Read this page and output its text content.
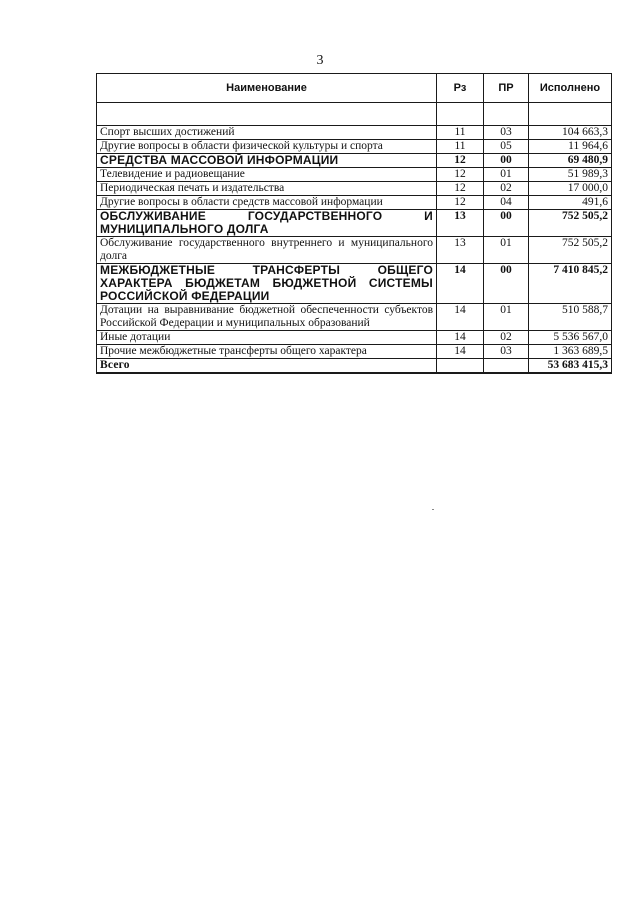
3
Наименование	Рз	ПР	Исполнено

Спорт высших достижений	11	03	104 663,3
Другие вопросы в области физической культуры и спорта	11	05	11 964,6
СРЕДСТВА МАССОВОЙ ИНФОРМАЦИИ	12	00	69 480,9
Телевидение и радиовещание	12	01	51 989,3
Периодическая печать и издательства	12	02	17 000,0
Другие вопросы в области средств массовой информации	12	04	491,6
ОБСЛУЖИВАНИЕ ГОСУДАРСТВЕННОГО И МУНИЦИПАЛЬНОГО ДОЛГА	13	00	752 505,2
Обслуживание государственного внутреннего и муниципального долга	13	01	752 505,2
МЕЖБЮДЖЕТНЫЕ ТРАНСФЕРТЫ ОБЩЕГО ХАРАКТЕРА БЮДЖЕТАМ БЮДЖЕТНОЙ СИСТЕМЫ РОССИЙСКОЙ ФЕДЕРАЦИИ	14	00	7 410 845,2
Дотации на выравнивание бюджетной обеспеченности субъектов Российской Федерации и муниципальных образований	14	01	510 588,7
Иные дотации	14	02	5 536 567,0
Прочие межбюджетные трансферты общего характера	14	03	1 363 689,5
Всего			53 683 415,3
